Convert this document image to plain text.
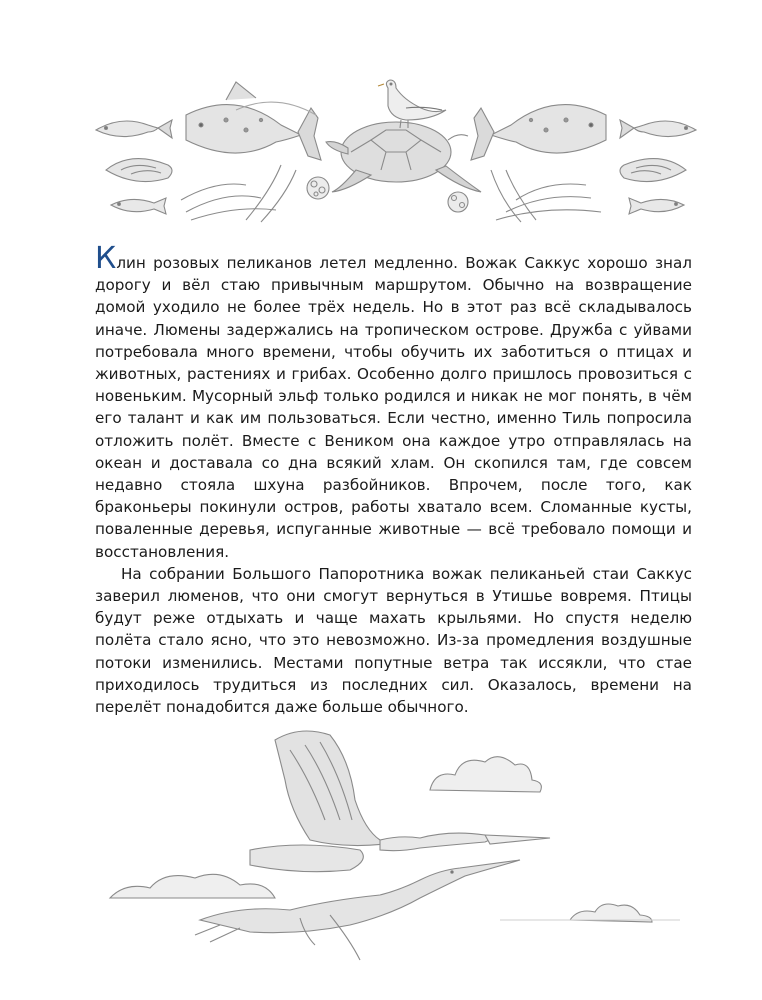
Клин розовых пеликанов летел медленно. Вожак Саккус хорошо знал дорогу и вёл стаю привычным маршрутом. Обычно на возвращение домой уходило не более трёх недель. Но в этот раз всё складывалось иначе. Люмены задержались на тропическом острове. Дружба с уйвами потребовала много времени, чтобы обучить их заботиться о птицах и животных, растениях и грибах. Особенно долго пришлось провозиться с новеньким. Мусорный эльф только родился и никак не мог понять, в чём его талант и как им пользоваться. Если честно, именно Тиль попросила отложить полёт. Вместе с Веником она каждое утро отправлялась на океан и доставала со дна всякий хлам. Он скопился там, где совсем недавно стояла шхуна разбойников. Впрочем, после того, как браконьеры покинули остров, работы хватало всем. Сломанные кусты, поваленные деревья, испуганные животные — всё требовало помощи и восстановления.

На собрании Большого Папоротника вожак пеликаньей стаи Саккус заверил люменов, что они смогут вернуться в Утишье вовремя. Птицы будут реже отдыхать и чаще махать крыльями. Но спустя неделю полёта стало ясно, что это невозможно. Из-за промедления воздушные потоки изменились. Местами попутные ветра так иссякли, что стае приходилось трудиться из последних сил. Оказалось, времени на перелёт понадобится даже больше обычного.
